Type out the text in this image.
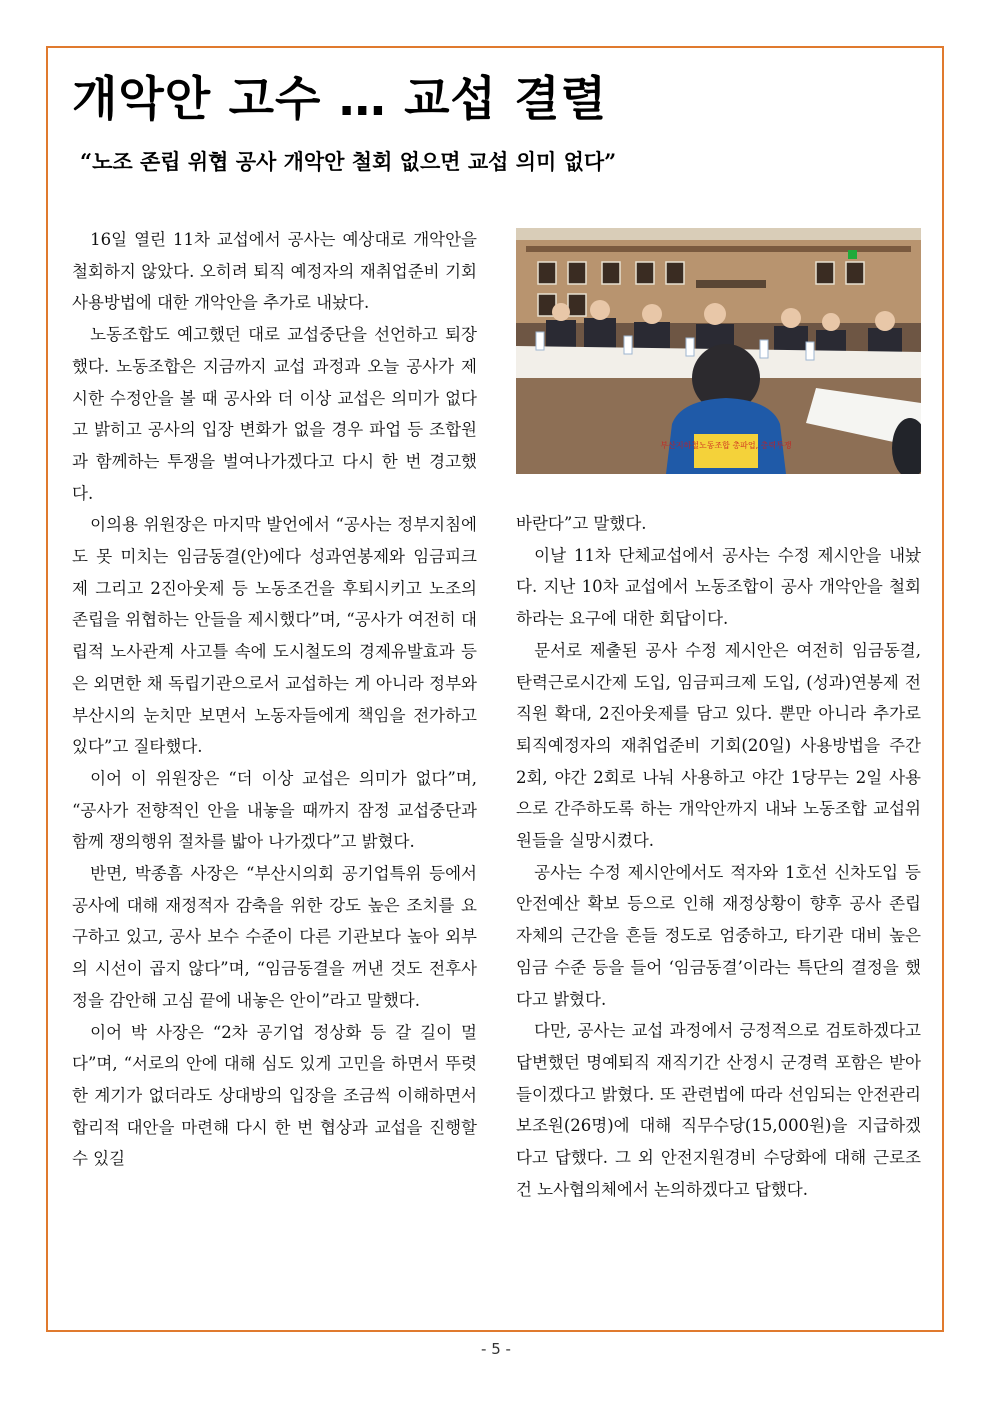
개악안 고수 … 교섭 결렬
“노조 존립 위협 공사 개악안 철회 없으면 교섭 의미 없다”

16일 열린 11차 교섭에서 공사는 예상대로 개악안을 철회하지 않았다. 오히려 퇴직 예정자의 재취업준비 기회 사용방법에 대한 개악안을 추가로 내놨다.

노동조합도 예고했던 대로 교섭중단을 선언하고 퇴장했다. 노동조합은 지금까지 교섭 과정과 오늘 공사가 제시한 수정안을 볼 때 공사와 더 이상 교섭은 의미가 없다고 밝히고 공사의 입장 변화가 없을 경우 파업 등 조합원과 함께하는 투쟁을 벌여나가겠다고 다시 한 번 경고했다.

이의용 위원장은 마지막 발언에서 “공사는 정부지침에도 못 미치는 임금동결(안)에다 성과연봉제와 임금피크제 그리고 2진아웃제 등 노동조건을 후퇴시키고 노조의 존립을 위협하는 안들을 제시했다”며, “공사가 여전히 대립적 노사관계 사고틀 속에 도시철도의 경제유발효과 등은 외면한 채 독립기관으로서 교섭하는 게 아니라 정부와 부산시의 눈치만 보면서 노동자들에게 책임을 전가하고 있다”고 질타했다.

이어 이 위원장은 “더 이상 교섭은 의미가 없다”며, “공사가 전향적인 안을 내놓을 때까지 잠정 교섭중단과 함께 쟁의행위 절차를 밟아 나가겠다”고 밝혔다.

반면, 박종흠 사장은 “부산시의회 공기업특위 등에서 공사에 대해 재정적자 감축을 위한 강도 높은 조치를 요구하고 있고, 공사 보수 수준이 다른 기관보다 높아 외부의 시선이 곱지 않다”며, “임금동결을 꺼낸 것도 전후사정을 감안해 고심 끝에 내놓은 안이”라고 말했다.

이어 박 사장은 “2차 공기업 정상화 등 갈 길이 멀다”며, “서로의 안에 대해 심도 있게 고민을 하면서 뚜렷한 계기가 없더라도 상대방의 입장을 조금씩 이해하면서 합리적 대안을 마련해 다시 한 번 협상과 교섭을 진행할 수 있길

부산지하철노동조합 총파업, 총력투쟁

바란다”고 말했다.

이날 11차 단체교섭에서 공사는 수정 제시안을 내놨다. 지난 10차 교섭에서 노동조합이 공사 개악안을 철회하라는 요구에 대한 회답이다.

문서로 제출된 공사 수정 제시안은 여전히 임금동결, 탄력근로시간제 도입, 임금피크제 도입, (성과)연봉제 전 직원 확대, 2진아웃제를 담고 있다. 뿐만 아니라 추가로 퇴직예정자의 재취업준비 기회(20일) 사용방법을 주간 2회, 야간 2회로 나눠 사용하고 야간 1당무는 2일 사용으로 간주하도록 하는 개악안까지 내놔 노동조합 교섭위원들을 실망시켰다.

공사는 수정 제시안에서도 적자와 1호선 신차도입 등 안전예산 확보 등으로 인해 재정상황이 향후 공사 존립 자체의 근간을 흔들 정도로 엄중하고, 타기관 대비 높은 임금 수준 등을 들어 ‘임금동결’이라는 특단의 결정을 했다고 밝혔다.

다만, 공사는 교섭 과정에서 긍정적으로 검토하겠다고 답변했던 명예퇴직 재직기간 산정시 군경력 포함은 받아들이겠다고 밝혔다. 또 관련법에 따라 선임되는 안전관리보조원(26명)에 대해 직무수당(15,000원)을 지급하겠다고 답했다. 그 외 안전지원경비 수당화에 대해 근로조건 노사협의체에서 논의하겠다고 답했다.

- 5 -
